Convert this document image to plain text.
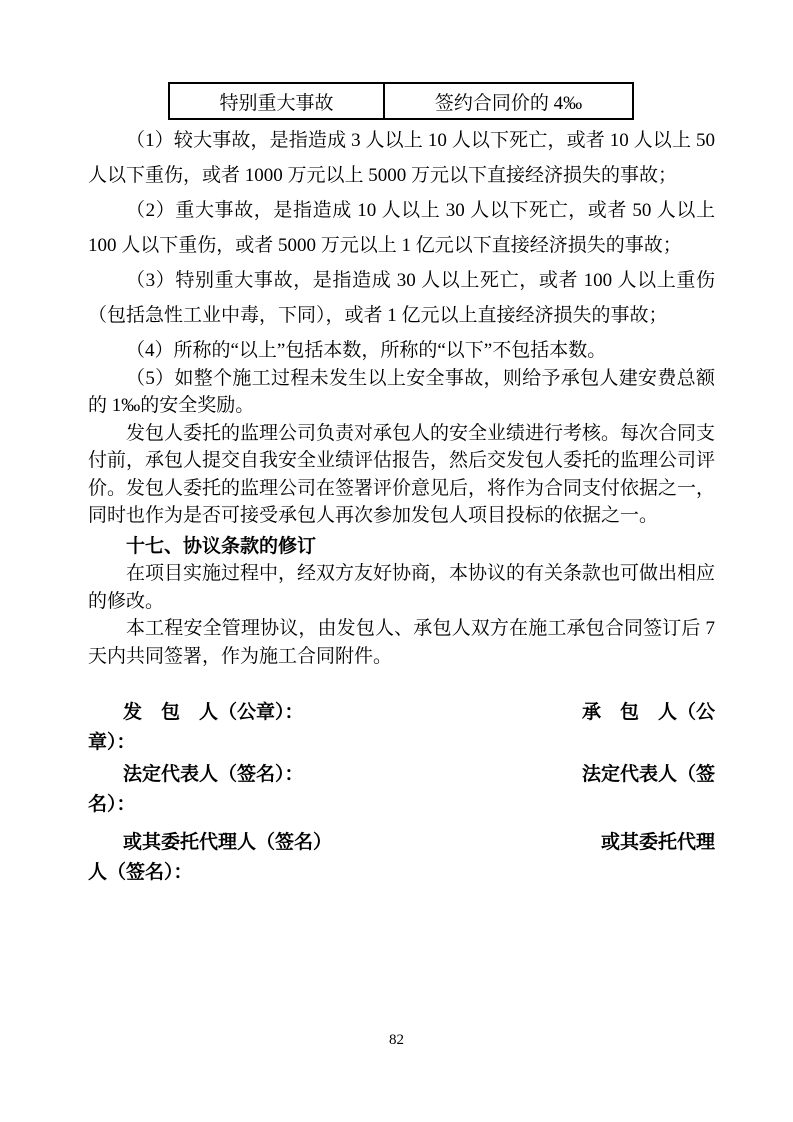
特别重大事故	签约合同价的 4‰

（1）较大事故，是指造成 3 人以上 10 人以下死亡，或者 10 人以上 50 人以下重伤，或者 1000 万元以上 5000 万元以下直接经济损失的事故；

（2）重大事故，是指造成 10 人以上 30 人以下死亡，或者 50 人以上 100 人以下重伤，或者 5000 万元以上 1 亿元以下直接经济损失的事故；

（3）特别重大事故，是指造成 30 人以上死亡，或者 100 人以上重伤（包括急性工业中毒，下同），或者 1 亿元以上直接经济损失的事故；

（4）所称的“以上”包括本数，所称的“以下”不包括本数。

（5）如整个施工过程未发生以上安全事故，则给予承包人建安费总额的 1‰的安全奖励。

发包人委托的监理公司负责对承包人的安全业绩进行考核。每次合同支付前，承包人提交自我安全业绩评估报告，然后交发包人委托的监理公司评价。发包人委托的监理公司在签署评价意见后，将作为合同支付依据之一，同时也作为是否可接受承包人再次参加发包人项目投标的依据之一。

十七、协议条款的修订

在项目实施过程中，经双方友好协商，本协议的有关条款也可做出相应的修改。

本工程安全管理协议，由发包人、承包人双方在施工承包合同签订后 7 天内共同签署，作为施工合同附件。

发　包　人（公章）：	承　包　人（公
章）：
法定代表人（签名）：	法定代表人（签
名）：
或其委托代理人（签名）	或其委托代理
人（签名）：
82
